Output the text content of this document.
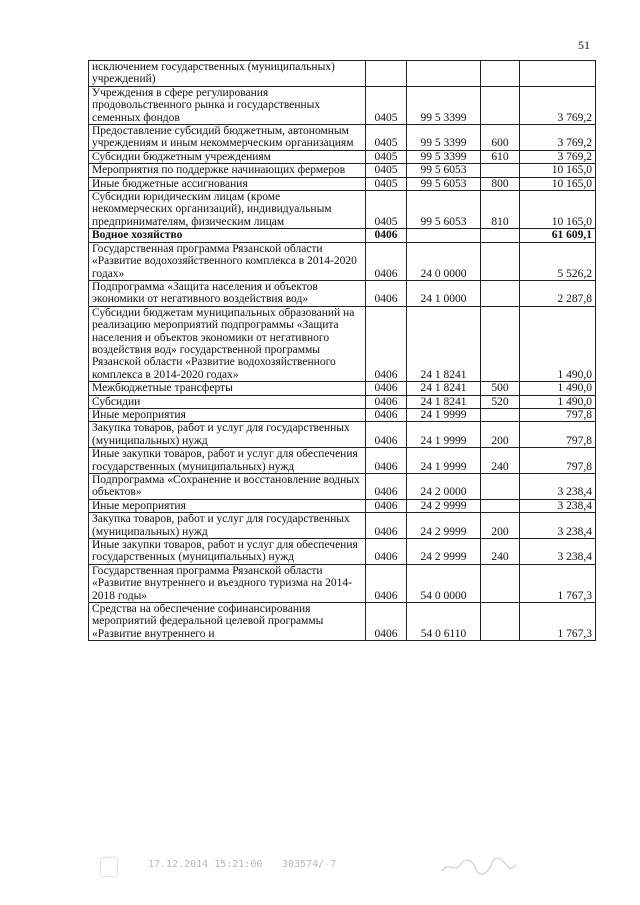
51
исключением государственных (муниципальных) учреждений)				
Учреждения в сфере регулирования продовольственного рынка и государственных семенных фондов	0405	99 5 3399		3 769,2
Предоставление субсидий бюджетным, автономным учреждениям и иным некоммерческим организациям	0405	99 5 3399	600	3 769,2
Субсидии бюджетным учреждениям	0405	99 5 3399	610	3 769,2
Мероприятия по поддержке начинающих фермеров	0405	99 5 6053		10 165,0
Иные бюджетные ассигнования	0405	99 5 6053	800	10 165,0
Субсидии юридическим лицам (кроме некоммерческих организаций), индивидуальным предпринимателям, физическим лицам	0405	99 5 6053	810	10 165,0
Водное хозяйство	0406			61 609,1
Государственная программа Рязанской области «Развитие водохозяйственного комплекса в 2014-2020 годах»	0406	24 0 0000		5 526,2
Подпрограмма «Защита населения и объектов экономики от негативного воздействия вод»	0406	24 1 0000		2 287,8
Субсидии бюджетам муниципальных образований на реализацию мероприятий подпрограммы «Защита населения и объектов экономики от негативного воздействия вод» государственной программы Рязанской области «Развитие водохозяйственного комплекса в 2014-2020 годах»	0406	24 1 8241		1 490,0
Межбюджетные трансферты	0406	24 1 8241	500	1 490,0
Субсидии	0406	24 1 8241	520	1 490,0
Иные мероприятия	0406	24 1 9999		797,8
Закупка товаров, работ и услуг для государственных (муниципальных) нужд	0406	24 1 9999	200	797,8
Иные закупки товаров, работ и услуг для обеспечения государственных (муниципальных) нужд	0406	24 1 9999	240	797,8
Подпрограмма «Сохранение и восстановление водных объектов»	0406	24 2 0000		3 238,4
Иные мероприятия	0406	24 2 9999		3 238,4
Закупка товаров, работ и услуг для государственных (муниципальных) нужд	0406	24 2 9999	200	3 238,4
Иные закупки товаров, работ и услуг для обеспечения государственных (муниципальных) нужд	0406	24 2 9999	240	3 238,4
Государственная программа Рязанской области «Развитие внутреннего и въездного туризма на 2014-2018 годы»	0406	54 0 0000		1 767,3
Средства на обеспечение софинансирования мероприятий федеральной целевой программы «Развитие внутреннего и	0406	54 0 6110		1 767,3
17.12.2014 15:21:00 303574/-7
